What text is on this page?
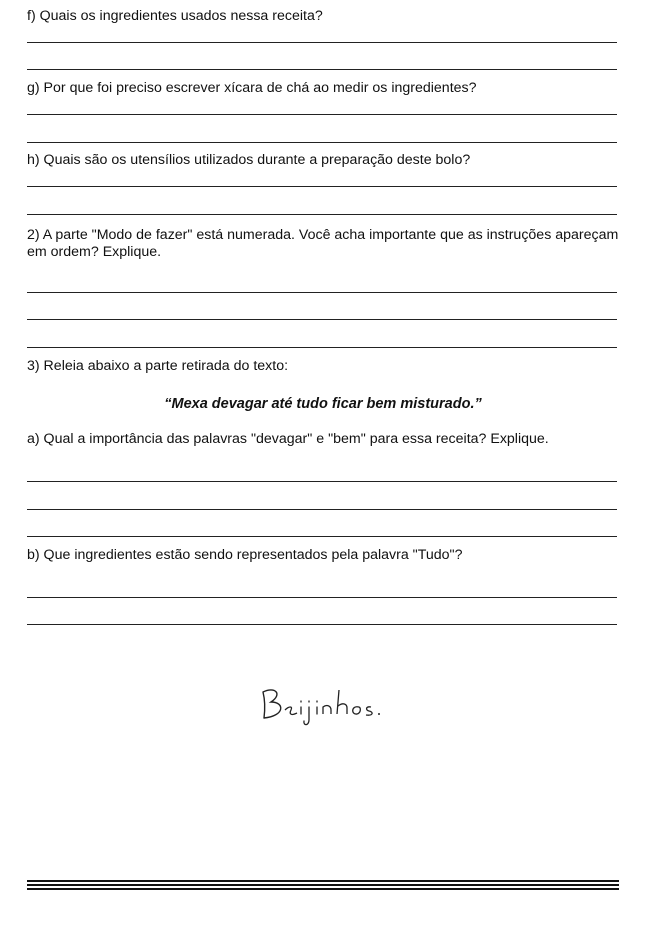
f) Quais os ingredientes usados nessa receita?

g) Por que foi preciso escrever xícara de chá ao medir os ingredientes?

h) Quais são os utensílios utilizados durante a preparação deste bolo?

2) A parte "Modo de fazer" está numerada. Você acha importante que as instruções apareçam em ordem? Explique.

3) Releia abaixo a parte retirada do texto:

“Mexa devagar até tudo ficar bem misturado.”

a) Qual a importância das palavras "devagar" e "bem" para essa receita? Explique.

b) Que ingredientes estão sendo representados pela palavra "Tudo"?
